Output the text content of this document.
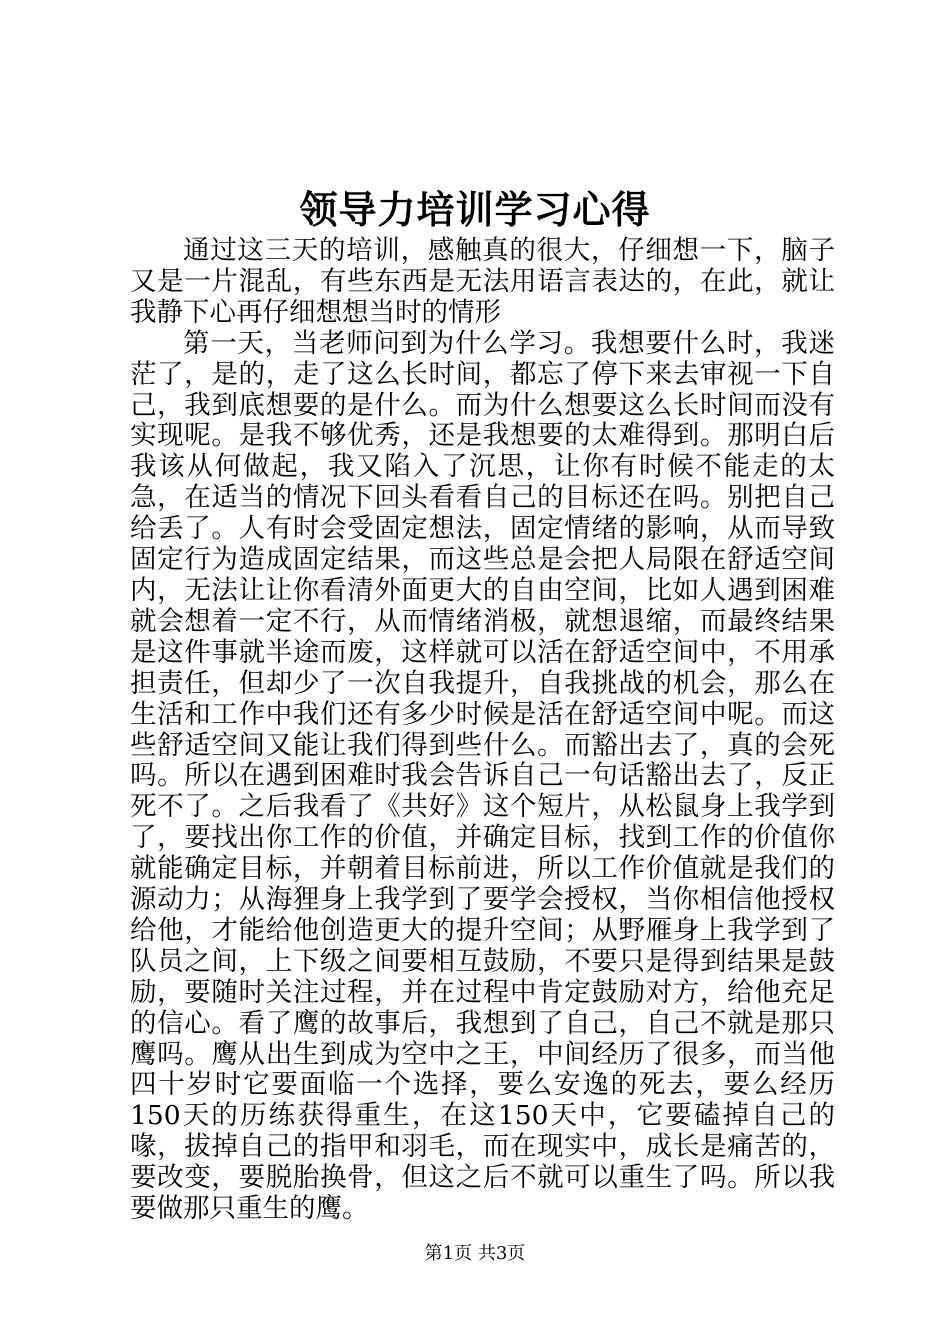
领导力培训学习心得

通过这三天的培训，感触真的很大，仔细想一下，脑子又是一片混乱，有些东西是无法用语言表达的，在此，就让我静下心再仔细想想当时的情形

第一天，当老师问到为什么学习。我想要什么时，我迷茫了，是的，走了这么长时间，都忘了停下来去审视一下自己，我到底想要的是什么。而为什么想要这么长时间而没有实现呢。是我不够优秀，还是我想要的太难得到。那明白后我该从何做起，我又陷入了沉思，让你有时候不能走的太急，在适当的情况下回头看看自己的目标还在吗。别把自己给丢了。人有时会受固定想法，固定情绪的影响，从而导致固定行为造成固定结果，而这些总是会把人局限在舒适空间内，无法让让你看清外面更大的自由空间，比如人遇到困难就会想着一定不行，从而情绪消极，就想退缩，而最终结果是这件事就半途而废，这样就可以活在舒适空间中，不用承担责任，但却少了一次自我提升，自我挑战的机会，那么在生活和工作中我们还有多少时候是活在舒适空间中呢。而这些舒适空间又能让我们得到些什么。而豁出去了，真的会死吗。所以在遇到困难时我会告诉自己一句话豁出去了，反正死不了。之后我看了《共好》这个短片，从松鼠身上我学到了，要找出你工作的价值，并确定目标，找到工作的价值你就能确定目标，并朝着目标前进，所以工作价值就是我们的源动力；从海狸身上我学到了要学会授权，当你相信他授权给他，才能给他创造更大的提升空间；从野雁身上我学到了队员之间，上下级之间要相互鼓励，不要只是得到结果是鼓励，要随时关注过程，并在过程中肯定鼓励对方，给他充足的信心。看了鹰的故事后，我想到了自己，自己不就是那只鹰吗。鹰从出生到成为空中之王，中间经历了很多，而当他四十岁时它要面临一个选择，要么安逸的死去，要么经历150天的历练获得重生，在这150天中，它要磕掉自己的喙，拔掉自己的指甲和羽毛，而在现实中，成长是痛苦的，要改变，要脱胎换骨，但这之后不就可以重生了吗。所以我要做那只重生的鹰。

第1页 共3页
